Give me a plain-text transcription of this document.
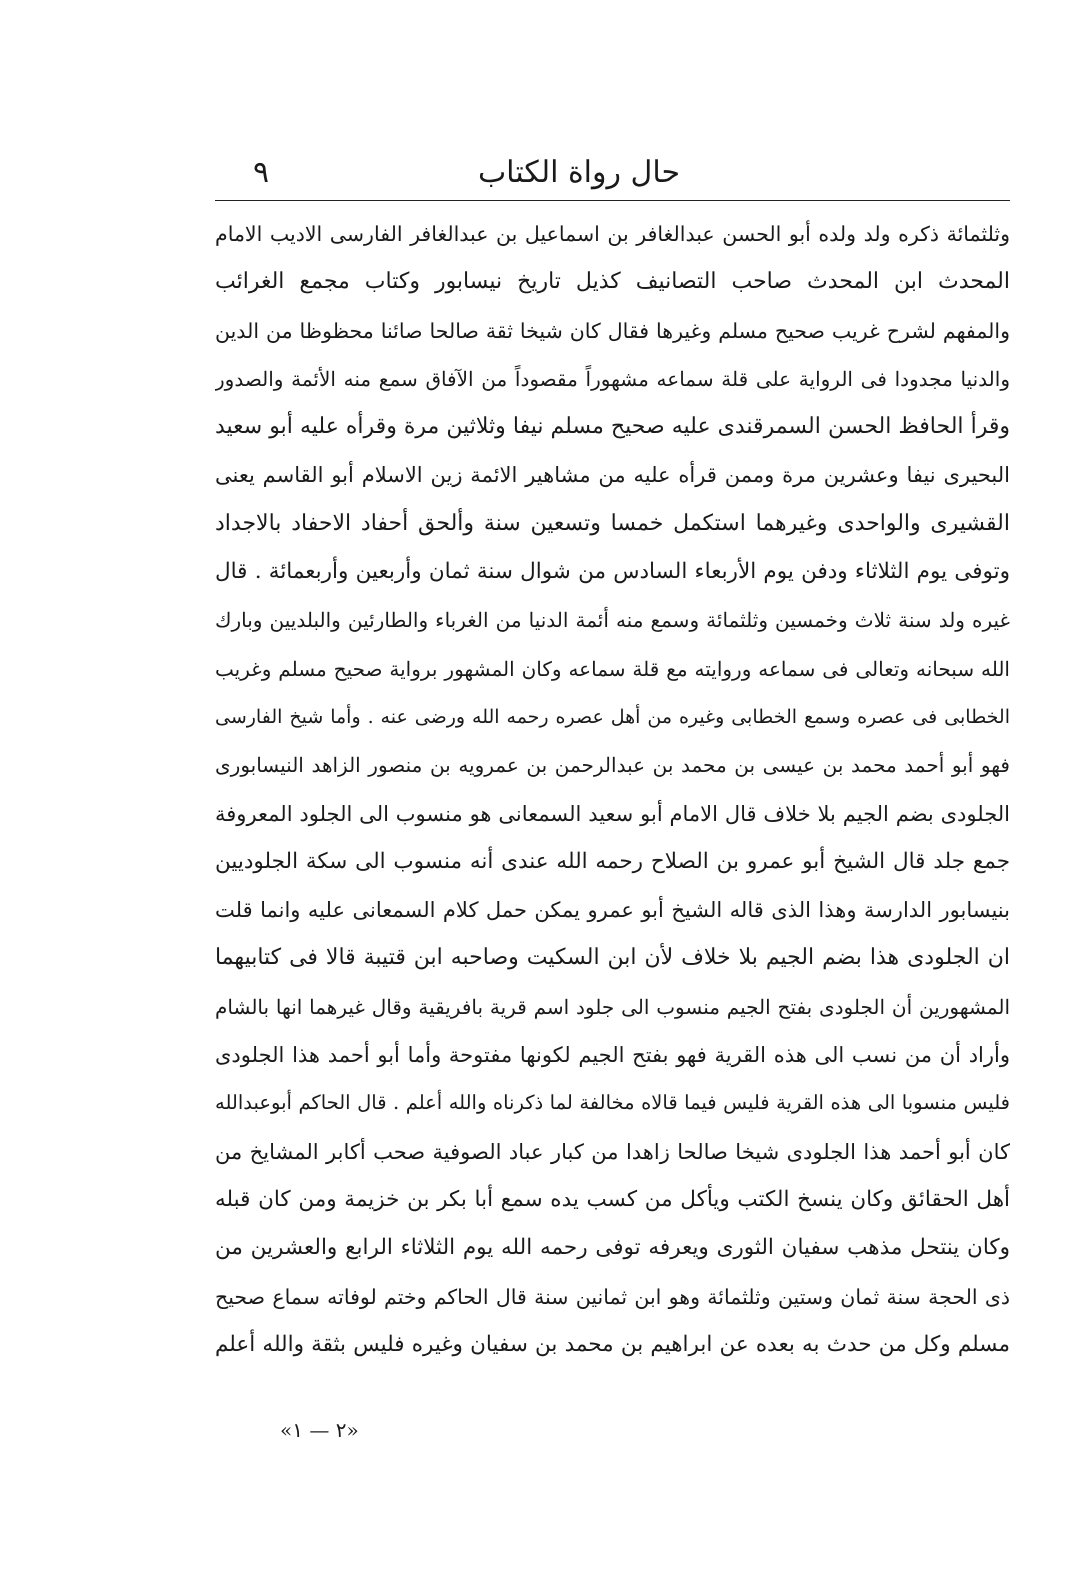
حال رواة الكتاب
٩
وثلثمائة ذكره ولد ولده أبو الحسن عبدالغافر بن اسماعيل بن عبدالغافر الفارسى الاديب الامام
المحدث ابن المحدث صاحب التصانيف كذيل تاريخ نيسابور وكتاب مجمع الغرائب
والمفهم لشرح غريب صحيح مسلم وغيرها فقال كان شيخا ثقة صالحا صائنا محظوظا من الدين
والدنيا مجدودا فى الرواية على قلة سماعه مشهوراً مقصوداً من الآفاق سمع منه الأئمة والصدور
وقرأ الحافظ الحسن السمرقندى عليه صحيح مسلم نيفا وثلاثين مرة وقرأه عليه أبو سعيد
البحيرى نيفا وعشرين مرة وممن قرأه عليه من مشاهير الائمة زين الاسلام أبو القاسم يعنى
القشيرى والواحدى وغيرهما استكمل خمسا وتسعين سنة وألحق أحفاد الاحفاد بالاجداد
وتوفى يوم الثلاثاء ودفن يوم الأربعاء السادس من شوال سنة ثمان وأربعين وأربعمائة . قال
غيره ولد سنة ثلاث وخمسين وثلثمائة وسمع منه أئمة الدنيا من الغرباء والطارئين والبلديين وبارك
الله سبحانه وتعالى فى سماعه وروايته مع قلة سماعه وكان المشهور برواية صحيح مسلم وغريب
الخطابى فى عصره وسمع الخطابى وغيره من أهل عصره رحمه الله ورضى عنه . وأما شيخ الفارسى
فهو أبو أحمد محمد بن عيسى بن محمد بن عبدالرحمن بن عمرويه بن منصور الزاهد النيسابورى
الجلودى بضم الجيم بلا خلاف قال الامام أبو سعيد السمعانى هو منسوب الى الجلود المعروفة
جمع جلد قال الشيخ أبو عمرو بن الصلاح رحمه الله عندى أنه منسوب الى سكة الجلوديين
بنيسابور الدارسة وهذا الذى قاله الشيخ أبو عمرو يمكن حمل كلام السمعانى عليه وانما قلت
ان الجلودى هذا بضم الجيم بلا خلاف لأن ابن السكيت وصاحبه ابن قتيبة قالا فى كتابيهما
المشهورين أن الجلودى بفتح الجيم منسوب الى جلود اسم قرية بافريقية وقال غيرهما انها بالشام
وأراد أن من نسب الى هذه القرية فهو بفتح الجيم لكونها مفتوحة وأما أبو أحمد هذا الجلودى
فليس منسوبا الى هذه القرية فليس فيما قالاه مخالفة لما ذكرناه والله أعلم . قال الحاكم أبوعبدالله
كان أبو أحمد هذا الجلودى شيخا صالحا زاهدا من كبار عباد الصوفية صحب أكابر المشايخ من
أهل الحقائق وكان ينسخ الكتب ويأكل من كسب يده سمع أبا بكر بن خزيمة ومن كان قبله
وكان ينتحل مذهب سفيان الثورى ويعرفه توفى رحمه الله يوم الثلاثاء الرابع والعشرين من
ذى الحجة سنة ثمان وستين وثلثمائة وهو ابن ثمانين سنة قال الحاكم وختم لوفاته سماع صحيح
مسلم وكل من حدث به بعده عن ابراهيم بن محمد بن سفيان وغيره فليس بثقة والله أعلم
«٢ — ١»
